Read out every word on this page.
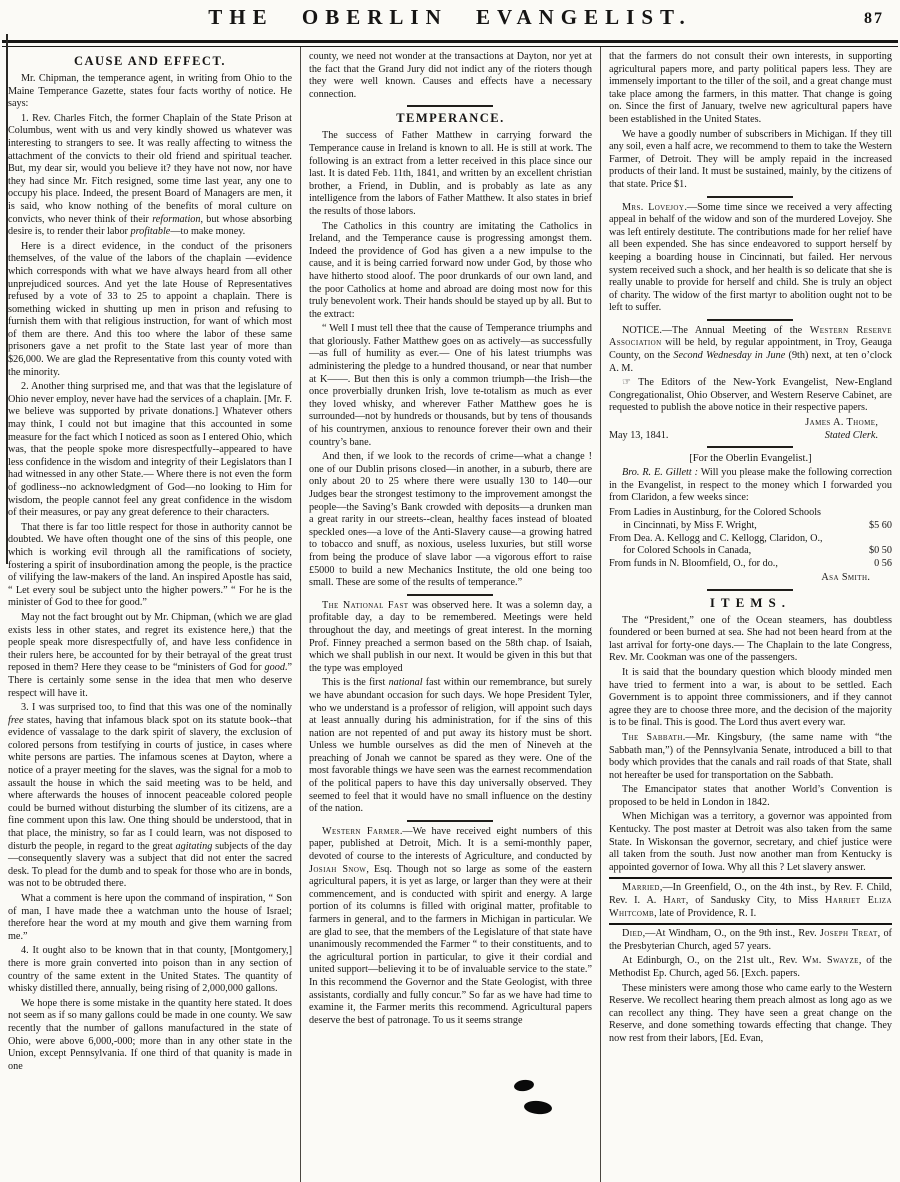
THE OBERLIN EVANGELIST.	87
CAUSE AND EFFECT.

Mr. Chipman, the temperance agent, in writing from Ohio to the Maine Temperance Gazette, states four facts worthy of notice. He says:

1. Rev. Charles Fitch, the former Chaplain of the State Prison at Columbus, went with us and very kindly showed us whatever was interesting to strangers to see. It was really affecting to witness the attachment of the convicts to their old friend and spiritual teacher. But, my dear sir, would you believe it? they have not now, nor have they had since Mr. Fitch resigned, some time last year, any one to occupy his place. Indeed, the present Board of Managers are men, it is said, who know nothing of the benefits of moral culture on convicts, who never think of their reformation, but whose absorbing desire is, to render their labor profitable—to make money.

Here is a direct evidence, in the conduct of the prisoners themselves, of the value of the labors of the chaplain —evidence which corresponds with what we have always heard from all other unprejudiced sources. And yet the late House of Representatives refused by a vote of 33 to 25 to appoint a chaplain. There is something wicked in shutting up men in prison and refusing to furnish them with that religious instruction, for want of which most of them are there. And this too where the labor of these same prisoners gave a net profit to the State last year of more than $26,000. We are glad the Representative from this county voted with the minority.

2. Another thing surprised me, and that was that the legislature of Ohio never employ, never have had the services of a chaplain. [Mr. F. we believe was supported by private donations.] Whatever others may think, I could not but imagine that this accounted in some measure for the fact which I noticed as soon as I entered Ohio, which was, that the people spoke more disrespectfully--appeared to have less confidence in the wisdom and integrity of their Legislators than I had witnessed in any other State.— Where there is not even the form of godliness--no acknowledgment of God—no looking to Him for wisdom, the people cannot feel any great confidence in the wisdom of their measures, or pay any great deference to their characters.

That there is far too little respect for those in authority cannot be doubted. We have often thought one of the sins of this people, one which is working evil through all the ramifications of society, fostering a spirit of insubordination among the people, is the practice of vilifying the law-makers of the land. An inspired Apostle has said, “ Let every soul be subject unto the higher powers.” “ For he is the minister of God to thee for good.”

May not the fact brought out by Mr. Chipman, (which we are glad exists less in other states, and regret its existence here,) that the people speak more disrespectfully of, and have less confidence in their rulers here, be accounted for by their betrayal of the great trust reposed in them? Here they cease to be “ministers of God for good.” There is certainly some sense in the idea that men who deserve respect will have it.

3. I was surprised too, to find that this was one of the nominally free states, having that infamous black spot on its statute book--that evidence of vassalage to the dark spirit of slavery, the exclusion of colored persons from testifying in courts of justice, in cases where white persons are parties. The infamous scenes at Dayton, where a notice of a prayer meeting for the slaves, was the signal for a mob to assault the house in which the said meeting was to be held, and where afterwards the houses of innocent peaceable colored people could be burned without disturbing the slumber of its citizens, are a fine comment upon this law. One thing should be understood, that in that place, the ministry, so far as I could learn, was not disposed to disturb the people, in regard to the great agitating subjects of the day—consequently slavery was a subject that did not enter the sacred desk. To plead for the dumb and to speak for those who are in bonds, was not to be obtruded there.

What a comment is here upon the command of inspiration, “ Son of man, I have made thee a watchman unto the house of Israel; therefore hear the word at my mouth and give them warning from me.”

4. It ought also to be known that in that county, [Montgomery,] there is more grain converted into poison than in any section of country of the same extent in the United States. The quantity of whisky distilled there, annually, being rising of 2,000,000 gallons.

We hope there is some mistake in the quantity here stated. It does not seem as if so many gallons could be made in one county. We saw recently that the number of gallons manufactured in the state of Ohio, were above 6,000,-000; more than in any other state in the Union, except Pennsylvania. If one third of that quanity is made in one

county, we need not wonder at the transactions at Dayton, nor yet at the fact that the Grand Jury did not indict any of the rioters though they were well known. Causes and effects have a necessary connection.

TEMPERANCE.

The success of Father Matthew in carrying forward the Temperance cause in Ireland is known to all. He is still at work. The following is an extract from a letter received in this place since our last. It is dated Feb. 11th, 1841, and written by an excellent christian brother, a Friend, in Dublin, and is probably as late as any intelligence from the labors of Father Matthew. It also states in brief the results of those labors.

The Catholics in this country are imitating the Catholics in Ireland, and the Temperance cause is progressing amongst them. Indeed the providence of God has given a a new impulse to the cause, and it is being carried forward now under God, by those who have hitherto stood aloof. The poor drunkards of our own land, and the poor Catholics at home and abroad are doing most now for this truly benevolent work. Their hands should be stayed up by all. But to the extract:

“ Well I must tell thee that the cause of Temperance triumphs and that gloriously. Father Matthew goes on as actively—as successfully—as full of humility as ever.— One of his latest triumphs was administering the pledge to a hundred thousand, or near that number at K——. But then this is only a common triumph—the Irish—the once proverbially drunken Irish, love te-totalism as much as ever they loved whisky, and wherever Father Matthew goes he is surrounded—not by hundreds or thousands, but by tens of thousands of his countrymen, anxious to renounce forever their own and their country’s bane.

And then, if we look to the records of crime—what a change ! one of our Dublin prisons closed—in another, in a suburb, there are only about 20 to 25 where there were usually 130 to 140—our Judges bear the strongest testimony to the improvement amongst the people—the Saving’s Bank crowded with deposits—a drunken man a great rarity in our streets--clean, healthy faces instead of bloated speckled ones—a love of the Anti-Slavery cause—a growing hatred to tobacco and snuff, as noxious, useless luxuries, but still worse from being the produce of slave labor —a vigorous effort to raise £5000 to build a new Mechanics Institute, the old one being too small. These are some of the results of temperance.”

The National Fast was observed here. It was a solemn day, a profitable day, a day to be remembered. Meetings were held throughout the day, and meetings of great interest. In the morning Prof. Finney preached a sermon based on the 58th chap. of Isaiah, which we shall publish in our next. It would be given in this but that the type was employed

This is the first national fast within our remembrance, but surely we have abundant occasion for such days. We hope President Tyler, who we understand is a professor of religion, will appoint such days at least annually during his administration, for if the sins of this nation are not repented of and put away its history must be short. Unless we humble ourselves as did the men of Nineveh at the preaching of Jonah we cannot be spared as they were. One of the most favorable things we have seen was the earnest recommendation of the political papers to have this day universally observed. They seemed to feel that it would have no small influence on the destiny of the nation.

Western Farmer.—We have received eight numbers of this paper, published at Detroit, Mich. It is a semi-monthly paper, devoted of course to the interests of Agriculture, and conducted by Josiah Snow, Esq. Though not so large as some of the eastern agricultural papers, it is yet as large, or larger than they were at their commencement, and is conducted with spirit and energy. A large portion of its columns is filled with original matter, profitable to farmers in general, and to the farmers in Michigan in particular. We are glad to see, that the members of the Legislature of that state have unanimously recommended the Farmer “ to their constituents, and to the agricultural portion in particular, to give it their cordial and united support—believing it to be of invaluable service to the state.” In this recommend the Governor and the State Geologist, with three assistants, cordially and fully concur.” So far as we have had time to examine it, the Farmer merits this recommend. Agricultural papers deserve the best of patronage. To us it seems strange

that the farmers do not consult their own interests, in supporting agricultural papers more, and party political papers less. They are immensely important to the tiller of the soil, and a great change must take place among the farmers, in this matter. That change is going on. Since the first of January, twelve new agricultural papers have been established in the United States.

We have a goodly number of subscribers in Michigan. If they till any soil, even a half acre, we recommend to them to take the Western Farmer, of Detroit. They will be amply repaid in the increased products of their land. It must be sustained, mainly, by the citizens of that state. Price $1.

Mrs. Lovejoy.—Some time since we received a very affecting appeal in behalf of the widow and son of the murdered Lovejoy. She was left entirely destitute. The contributions made for her relief have all been expended. She has since endeavored to support herself by keeping a boarding house in Cincinnati, but failed. Her nervous system received such a shock, and her health is so delicate that she is really unable to provide for herself and child. She is truly an object of charity. The widow of the first martyr to abolition ought not to be left to suffer.

NOTICE.—The Annual Meeting of the Western Reserve Association will be held, by regular appointment, in Troy, Geauga County, on the Second Wednesday in June (9th) next, at ten o’clock A. M.

☞ The Editors of the New-York Evangelist, New-England Congregationalist, Ohio Observer, and Western Reserve Cabinet, are requested to publish the above notice in their respective papers.

James A. Thome,
May 13, 1841.	Stated Clerk.
[For the Oberlin Evangelist.]

Bro. R. E. Gillett : Will you please make the following correction in the Evangelist, in respect to the money which I forwarded you from Claridon, a few weeks since:

From Ladies in Austinburg, for the Colored Schools
in Cincinnati, by Miss F. Wright,	$5 60
From Dea. A. Kellogg and C. Kellogg, Claridon, O.,
for Colored Schools in Canada,	$0 50
From funds in N. Bloomfield, O., for do.,	0 56
Asa Smith.
ITEMS.

The “President,” one of the Ocean steamers, has doubtless foundered or been burned at sea. She had not been heard from at the last arrival for forty-one days.— The Chaplain to the late Congress, Rev. Mr. Cookman was one of the passengers.

It is said that the boundary question which bloody minded men have tried to ferment into a war, is about to be settled. Each Government is to appoint three commissioners, and if they cannot agree they are to choose three more, and the decision of the majority is to be final. This is good. The Lord thus avert every war.

The Sabbath.—Mr. Kingsbury, (the same name with “the Sabbath man,”) of the Pennsylvania Senate, introduced a bill to that body which provides that the canals and rail roads of that State, shall not hereafter be used for transportation on the Sabbath.

The Emancipator states that another World’s Convention is proposed to be held in London in 1842.

When Michigan was a territory, a governor was appointed from Kentucky. The post master at Detroit was also taken from the same State. In Wiskonsan the governor, secretary, and chief justice were all taken from the south. Just now another man from Kentucky is appointed governor of Iowa. Why all this ? Let slavery answer.

Married,—In Greenfield, O., on the 4th inst., by Rev. F. Child, Rev. I. A. Hart, of Sandusky City, to Miss Harriet Eliza Whitcomb, late of Providence, R. I.

Died,—At Windham, O., on the 9th inst., Rev. Joseph Treat, of the Presbyterian Church, aged 57 years.

At Edinburgh, O., on the 21st ult., Rev. Wm. Swayze, of the Methodist Ep. Church, aged 56. [Exch. papers.

These ministers were among those who came early to the Western Reserve. We recollect hearing them preach almost as long ago as we can recollect any thing. They have seen a great change on the Reserve, and done something towards effecting that change. They now rest from their labors, [Ed. Evan,
